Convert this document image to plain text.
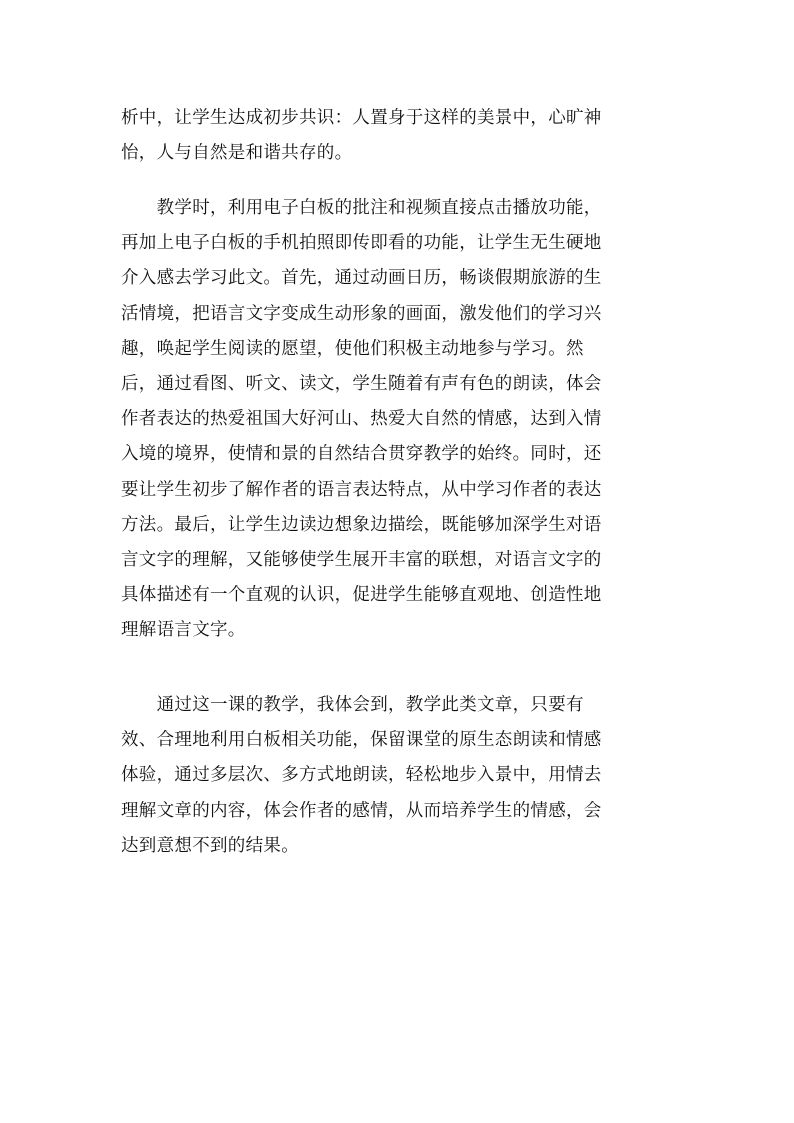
析中，让学生达成初步共识：人置身于这样的美景中，心旷神
怡，人与自然是和谐共存的。
　　教学时，利用电子白板的批注和视频直接点击播放功能，
再加上电子白板的手机拍照即传即看的功能，让学生无生硬地
介入感去学习此文。首先，通过动画日历，畅谈假期旅游的生
活情境，把语言文字变成生动形象的画面，激发他们的学习兴
趣，唤起学生阅读的愿望，使他们积极主动地参与学习。然
后，通过看图、听文、读文，学生随着有声有色的朗读，体会
作者表达的热爱祖国大好河山、热爱大自然的情感，达到入情
入境的境界，使情和景的自然结合贯穿教学的始终。同时，还
要让学生初步了解作者的语言表达特点，从中学习作者的表达
方法。最后，让学生边读边想象边描绘，既能够加深学生对语
言文字的理解，又能够使学生展开丰富的联想，对语言文字的
具体描述有一个直观的认识，促进学生能够直观地、创造性地
理解语言文字。
　　通过这一课的教学，我体会到，教学此类文章，只要有
效、合理地利用白板相关功能，保留课堂的原生态朗读和情感
体验，通过多层次、多方式地朗读，轻松地步入景中，用情去
理解文章的内容，体会作者的感情，从而培养学生的情感，会
达到意想不到的结果。
